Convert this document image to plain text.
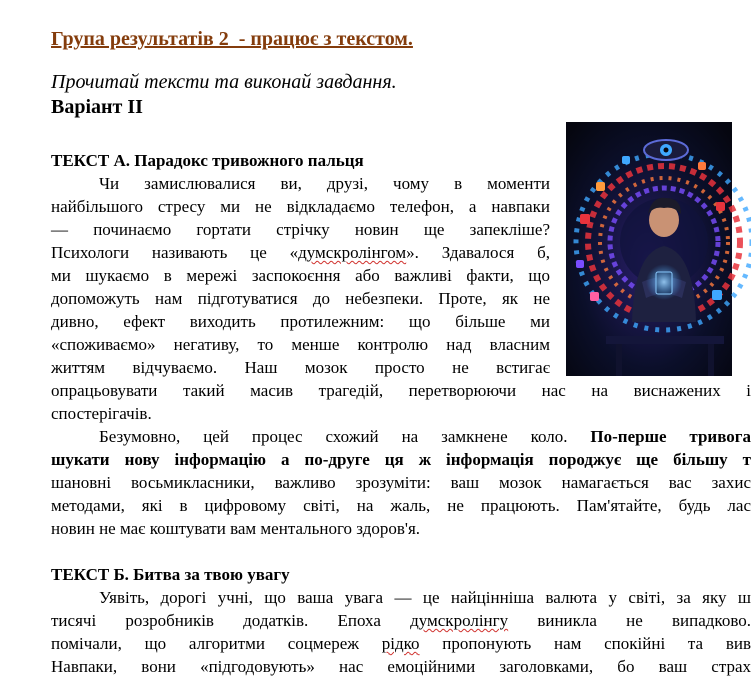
Група результатів 2  - працює з текстом.

Прочитай тексти та виконай завдання.

Варіант ІІ

ТЕКСТ А. Парадокс тривожного пальця

Чи замислювалися ви, друзі, чому в моменти

найбільшого стресу ми не відкладаємо телефон, а навпаки

— починаємо гортати стрічку новин ще запекліше?

Психологи називають це «думскролінгом». Здавалося б,

ми шукаємо в мережі заспокоєння або важливі факти, що

допоможуть нам підготуватися до небезпеки. Проте, як не

дивно, ефект виходить протилежним: що більше ми

«споживаємо» негативу, то менше контролю над власним

життям відчуваємо. Наш мозок просто не встигає

опрацьовувати такий масив трагедій, перетворюючи нас на виснажених і

спостерігачів.

Безумовно, цей процес схожий на замкнене коло. По-перше тривога

шукати нову інформацію а по-друге ця ж інформація породжує ще більшу т

шановні восьмикласники, важливо зрозуміти: ваш мозок намагається вас захис

методами, які в цифровому світі, на жаль, не працюють. Пам'ятайте, будь лас

новин не має коштувати вам ментального здоров'я.

ТЕКСТ Б. Битва за твою увагу

Уявіть, дорогі учні, що ваша увага — це найцінніша валюта у світі, за яку ш

тисячі розробників додатків. Епоха думскролінгу виникла не випадково.

помічали, що алгоритми соцмереж рідко пропонують нам спокійні та вив

Навпаки, вони «підгодовують» нас емоційними заголовками, бо ваш страх
